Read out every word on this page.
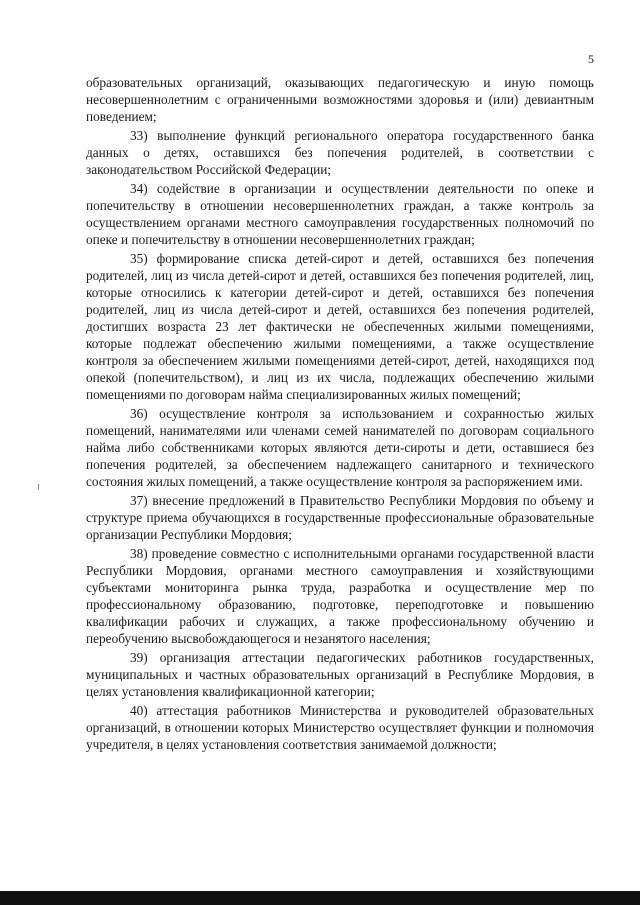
5

образовательных организаций, оказывающих педагогическую и иную помощь несовершеннолетним с ограниченными возможностями здоровья и (или) девиантным поведением;

33) выполнение функций регионального оператора государственного банка данных о детях, оставшихся без попечения родителей, в соответствии с законодательством Российской Федерации;

34) содействие в организации и осуществлении деятельности по опеке и попечительству в отношении несовершеннолетних граждан, а также контроль за осуществлением органами местного самоуправления государственных полномочий по опеке и попечительству в отношении несовершеннолетних граждан;

35) формирование списка детей-сирот и детей, оставшихся без попечения родителей, лиц из числа детей-сирот и детей, оставшихся без попечения родителей, лиц, которые относились к категории детей-сирот и детей, оставшихся без попечения родителей, лиц из числа детей-сирот и детей, оставшихся без попечения родителей, достигших возраста 23 лет фактически не обеспеченных жилыми помещениями, которые подлежат обеспечению жилыми помещениями, а также осуществление контроля за обеспечением жилыми помещениями детей-сирот, детей, находящихся под опекой (попечительством), и лиц из их числа, подлежащих обеспечению жилыми помещениями по договорам найма специализированных жилых помещений;

36) осуществление контроля за использованием и сохранностью жилых помещений, нанимателями или членами семей нанимателей по договорам социального найма либо собственниками которых являются дети-сироты и дети, оставшиеся без попечения родителей, за обеспечением надлежащего санитарного и технического состояния жилых помещений, а также осуществление контроля за распоряжением ими.

37) внесение предложений в Правительство Республики Мордовия по объему и структуре приема обучающихся в государственные профессиональные образовательные организации Республики Мордовия;

38) проведение совместно с исполнительными органами государственной власти Республики Мордовия, органами местного самоуправления и хозяйствующими субъектами мониторинга рынка труда, разработка и осуществление мер по профессиональному образованию, подготовке, переподготовке и повышению квалификации рабочих и служащих, а также профессиональному обучению и переобучению высвобождающегося и незанятого населения;

39) организация аттестации педагогических работников государственных, муниципальных и частных образовательных организаций в Республике Мордовия, в целях установления квалификационной категории;

40) аттестация работников Министерства и руководителей образовательных организаций, в отношении которых Министерство осуществляет функции и полномочия учредителя, в целях установления соответствия занимаемой должности;
